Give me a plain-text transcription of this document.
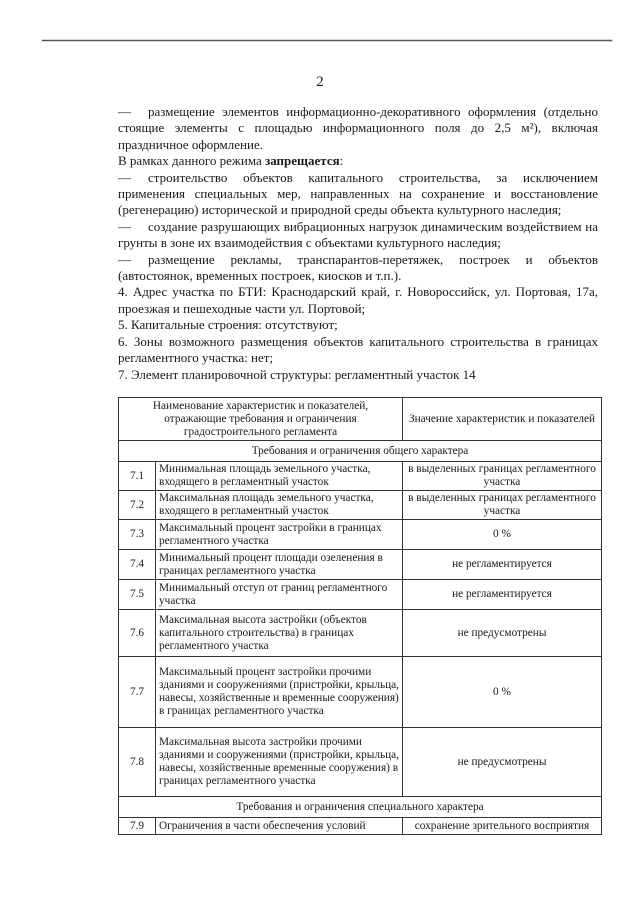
2

— размещение элементов информационно-декоративного оформления (отдельно стоящие элементы с площадью информационного поля до 2,5 м²), включая праздничное оформление.

В рамках данного режима запрещается:

— строительство объектов капитального строительства, за исключением применения специальных мер, направленных на сохранение и восстановление (регенерацию) исторической и природной среды объекта культурного наследия;

— создание разрушающих вибрационных нагрузок динамическим воздействием на грунты в зоне их взаимодействия с объектами культурного наследия;

— размещение рекламы, транспарантов-перетяжек, построек и объектов (автостоянок, временных построек, киосков и т.п.).

4. Адрес участка по БТИ: Краснодарский край, г. Новороссийск, ул. Портовая, 17а, проезжая и пешеходные части ул. Портовой;

5. Капитальные строения: отсутствуют;

6. Зоны возможного размещения объектов капитального строительства в границах регламентного участка: нет;

7. Элемент планировочной структуры: регламентный участок 14

Наименование характеристик и показателей, отражающие требования и ограничения градостроительного регламента		Значение характеристик и показателей
Требования и ограничения общего характера		
7.1	Минимальная площадь земельного участка, входящего в регламентный участок	в выделенных границах регламентного участка
7.2	Максимальная площадь земельного участка, входящего в регламентный участок	в выделенных границах регламентного участка
7.3	Максимальный процент застройки в границах регламентного участка	0 %
7.4	Минимальный процент площади озеленения в границах регламентного участка	не регламентируется
7.5	Минимальный отступ от границ регламентного участка	не регламентируется
7.6	Максимальная высота застройки (объектов капитального строительства) в границах регламентного участка	не предусмотрены
7.7	Максимальный процент застройки прочими зданиями и сооружениями (пристройки, крыльца, навесы, хозяйственные и временные сооружения) в границах регламентного участка	0 %
7.8	Максимальная высота застройки прочими зданиями и сооружениями (пристройки, крыльца, навесы, хозяйственные временные сооружения) в границах регламентного участка	не предусмотрены
Требования и ограничения специального характера		
7.9	Ограничения в части обеспечения условий	сохранение зрительного восприятия
